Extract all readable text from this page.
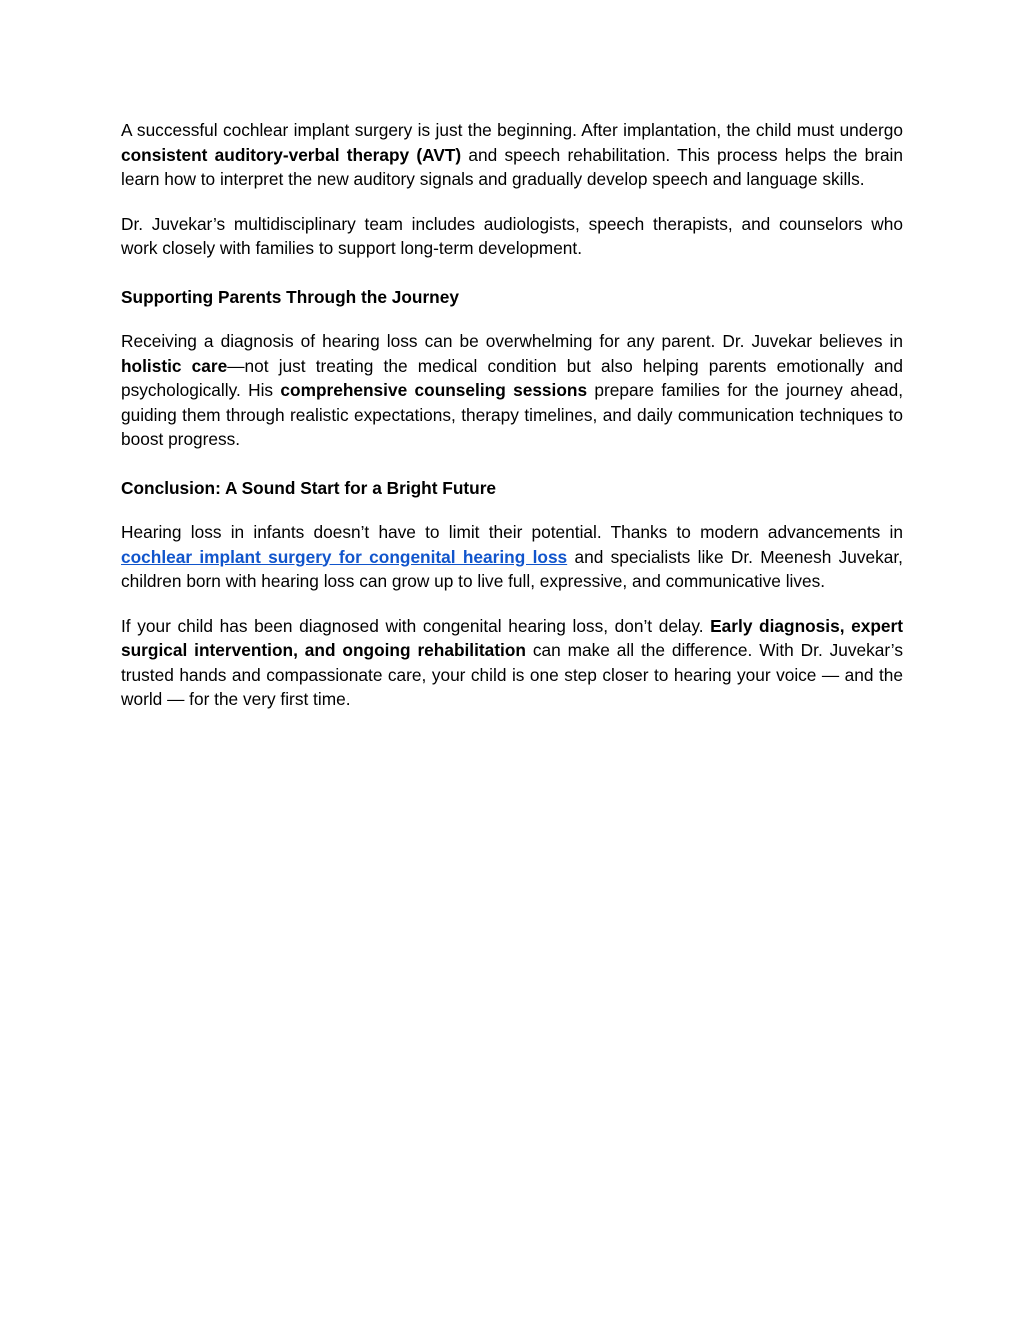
A successful cochlear implant surgery is just the beginning. After implantation, the child must undergo consistent auditory-verbal therapy (AVT) and speech rehabilitation. This process helps the brain learn how to interpret the new auditory signals and gradually develop speech and language skills.

Dr. Juvekar’s multidisciplinary team includes audiologists, speech therapists, and counselors who work closely with families to support long-term development.

Supporting Parents Through the Journey

Receiving a diagnosis of hearing loss can be overwhelming for any parent. Dr. Juvekar believes in holistic care—not just treating the medical condition but also helping parents emotionally and psychologically. His comprehensive counseling sessions prepare families for the journey ahead, guiding them through realistic expectations, therapy timelines, and daily communication techniques to boost progress.

Conclusion: A Sound Start for a Bright Future

Hearing loss in infants doesn’t have to limit their potential. Thanks to modern advancements in cochlear implant surgery for congenital hearing loss and specialists like Dr. Meenesh Juvekar, children born with hearing loss can grow up to live full, expressive, and communicative lives.

If your child has been diagnosed with congenital hearing loss, don’t delay. Early diagnosis, expert surgical intervention, and ongoing rehabilitation can make all the difference. With Dr. Juvekar’s trusted hands and compassionate care, your child is one step closer to hearing your voice — and the world — for the very first time.
